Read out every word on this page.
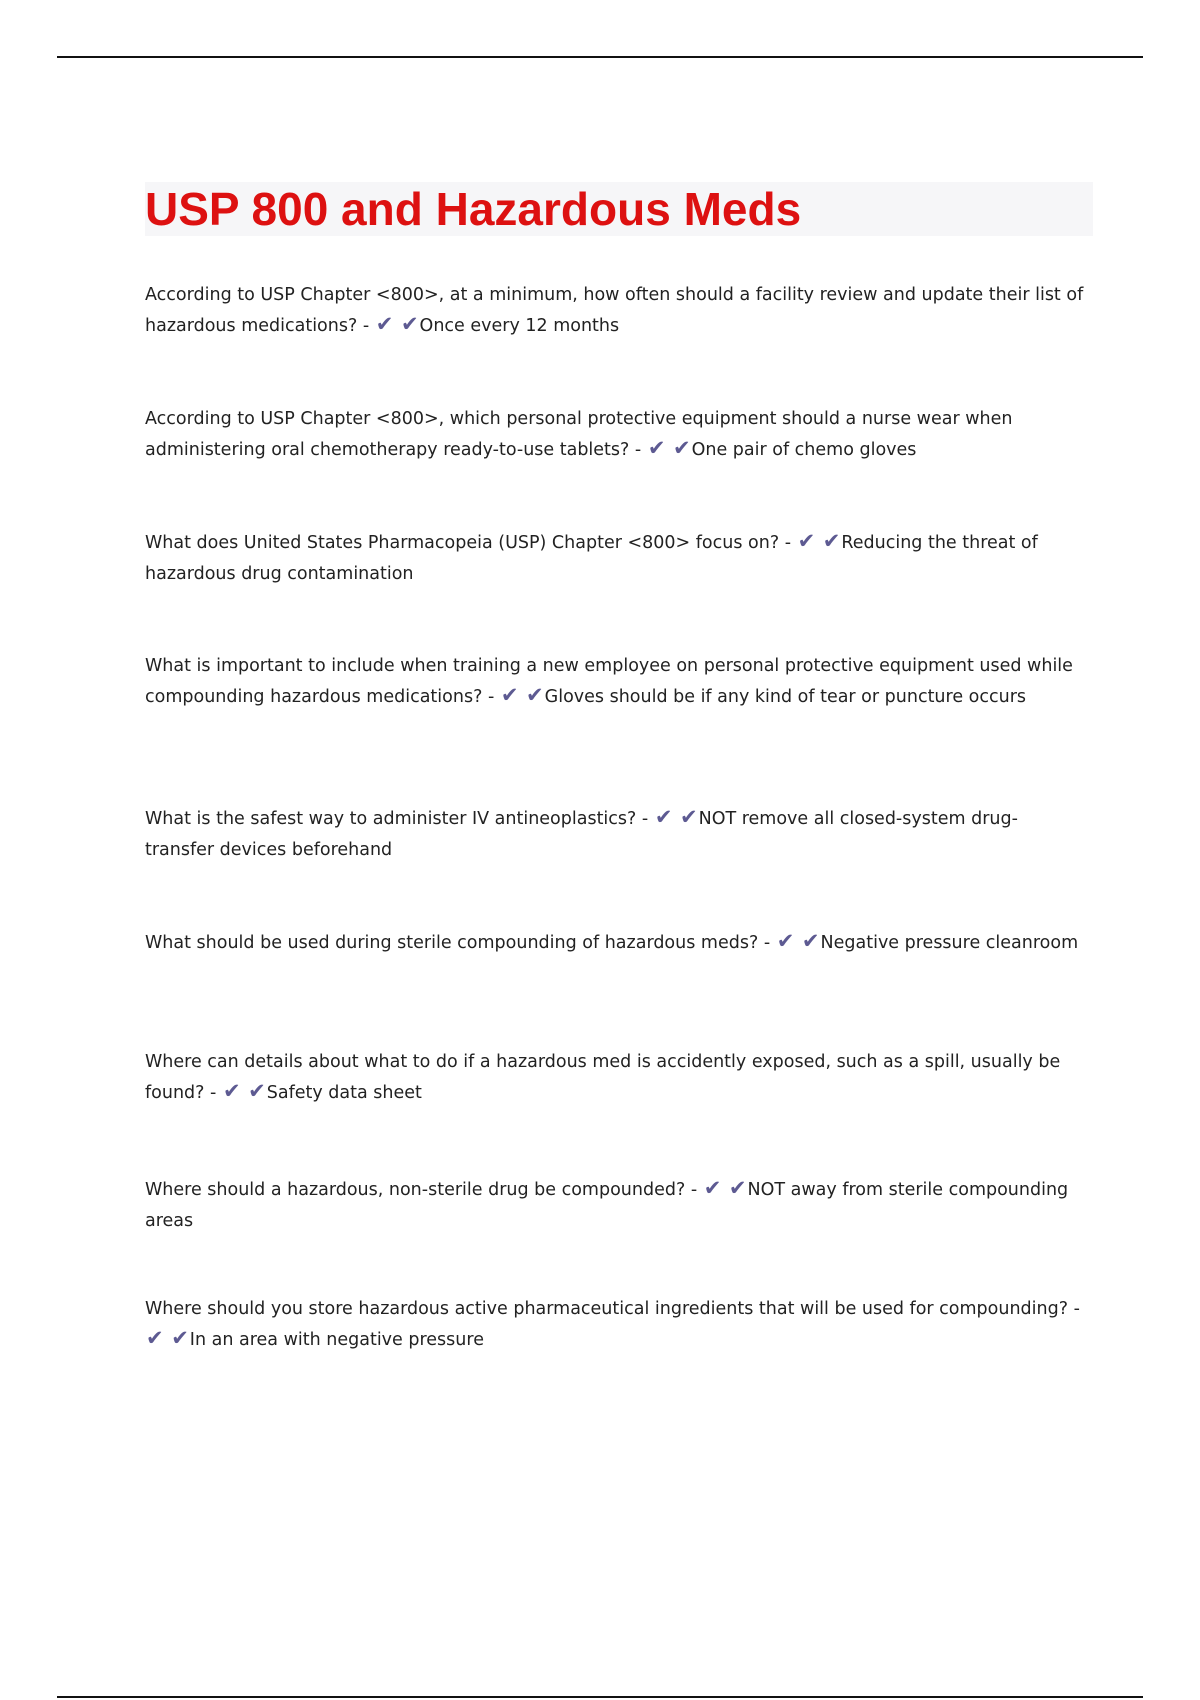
USP 800 and Hazardous Meds

According to USP Chapter <800>, at a minimum, how often should a facility review and update their list of hazardous medications? - ✔ ✔Once every 12 months

According to USP Chapter <800>, which personal protective equipment should a nurse wear when administering oral chemotherapy ready-to-use tablets? - ✔ ✔One pair of chemo gloves

What does United States Pharmacopeia (USP) Chapter <800> focus on? - ✔ ✔Reducing the threat of hazardous drug contamination

What is important to include when training a new employee on personal protective equipment used while compounding hazardous medications? - ✔ ✔Gloves should be if any kind of tear or puncture occurs

What is the safest way to administer IV antineoplastics? - ✔ ✔NOT remove all closed-system drug-transfer devices beforehand

What should be used during sterile compounding of hazardous meds? - ✔ ✔Negative pressure cleanroom

Where can details about what to do if a hazardous med is accidently exposed, such as a spill, usually be found? - ✔ ✔Safety data sheet

Where should a hazardous, non-sterile drug be compounded? - ✔ ✔NOT away from sterile compounding areas

Where should you store hazardous active pharmaceutical ingredients that will be used for compounding? - ✔ ✔In an area with negative pressure
